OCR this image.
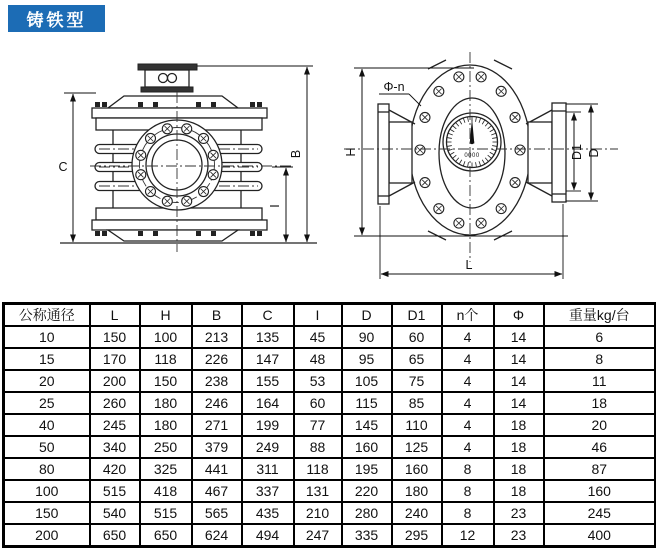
铸铁型
C
B
I
0000
Φ-n
H	D1 D
L
公称通径	L	H	B	C	I	D	D1	n个	Φ	重量kg/台
10	150	100	213	135	45	90	60	4	14	6
15	170	118	226	147	48	95	65	4	14	8
20	200	150	238	155	53	105	75	4	14	11
25	260	180	246	164	60	115	85	4	14	18
40	245	180	271	199	77	145	110	4	18	20
50	340	250	379	249	88	160	125	4	18	46
80	420	325	441	311	118	195	160	8	18	87
100	515	418	467	337	131	220	180	8	18	160
150	540	515	565	435	210	280	240	8	23	245
200	650	650	624	494	247	335	295	12	23	400
